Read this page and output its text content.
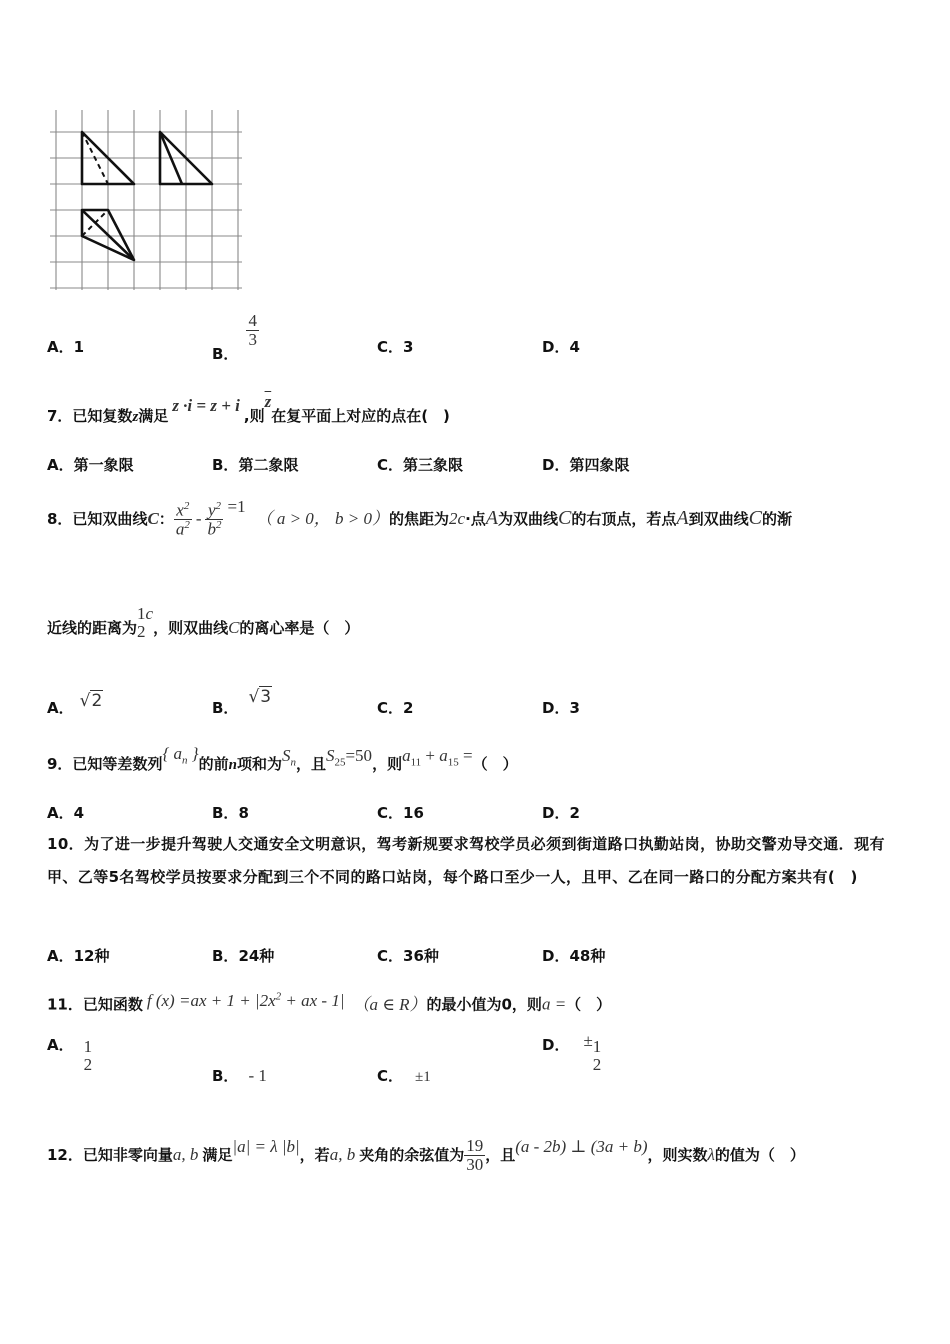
A．1	B．
$\frac{4}{3}$	C．3	D．4
7．已知复数z满足z ·i = z + i,则$\overline{z}$在复平面上对应的点在(　)
A．第一象限	B．第二象限	C．第三象限	D．第四象限
8．已知双曲线C： $\frac{x^2}{a^2} - \frac{y^2}{b^2} =1$（ a > 0， b > 0）的焦距为2c·点A为双曲线C的右顶点，若点A到双曲线C的渐
近线的距离为
1
2
c，则双曲线C的离心率是（　）
A． √2	B．√3
C．2	D．3
9．已知等差数列{ $a_n$ }的前n项和为$S_n$，且$S_{25}=50$，则$a_{11} + a_{15}$ =（　）
A．4	B．8	C．16	D．2
10．为了进一步提升驾驶人交通安全文明意识，驾考新规要求驾校学员必须到街道路口执勤站岗，协助交警劝导交通．现有甲、乙等5名驾校学员按要求分配到三个不同的路口站岗，每个路口至少一人，且甲、乙在同一路口的分配方案共有(　)
A．12种	B．24种	C．36种	D．48种
11．已知函数 f $(x) =ax + 1 + |2x^2$ + ax - 1| （a ∈ R）的最小值为0，则a =（　）
A． 1
2
B． - 1	C． ±1
D． ± 1
2
12．已知非零向量a, b 满足|a| = λ |b|，若a, b 夹角的余弦值为 $\frac{19}{30}$ ，且(a - 2b) ⊥ (3a + b)，则实数λ的值为（　）
